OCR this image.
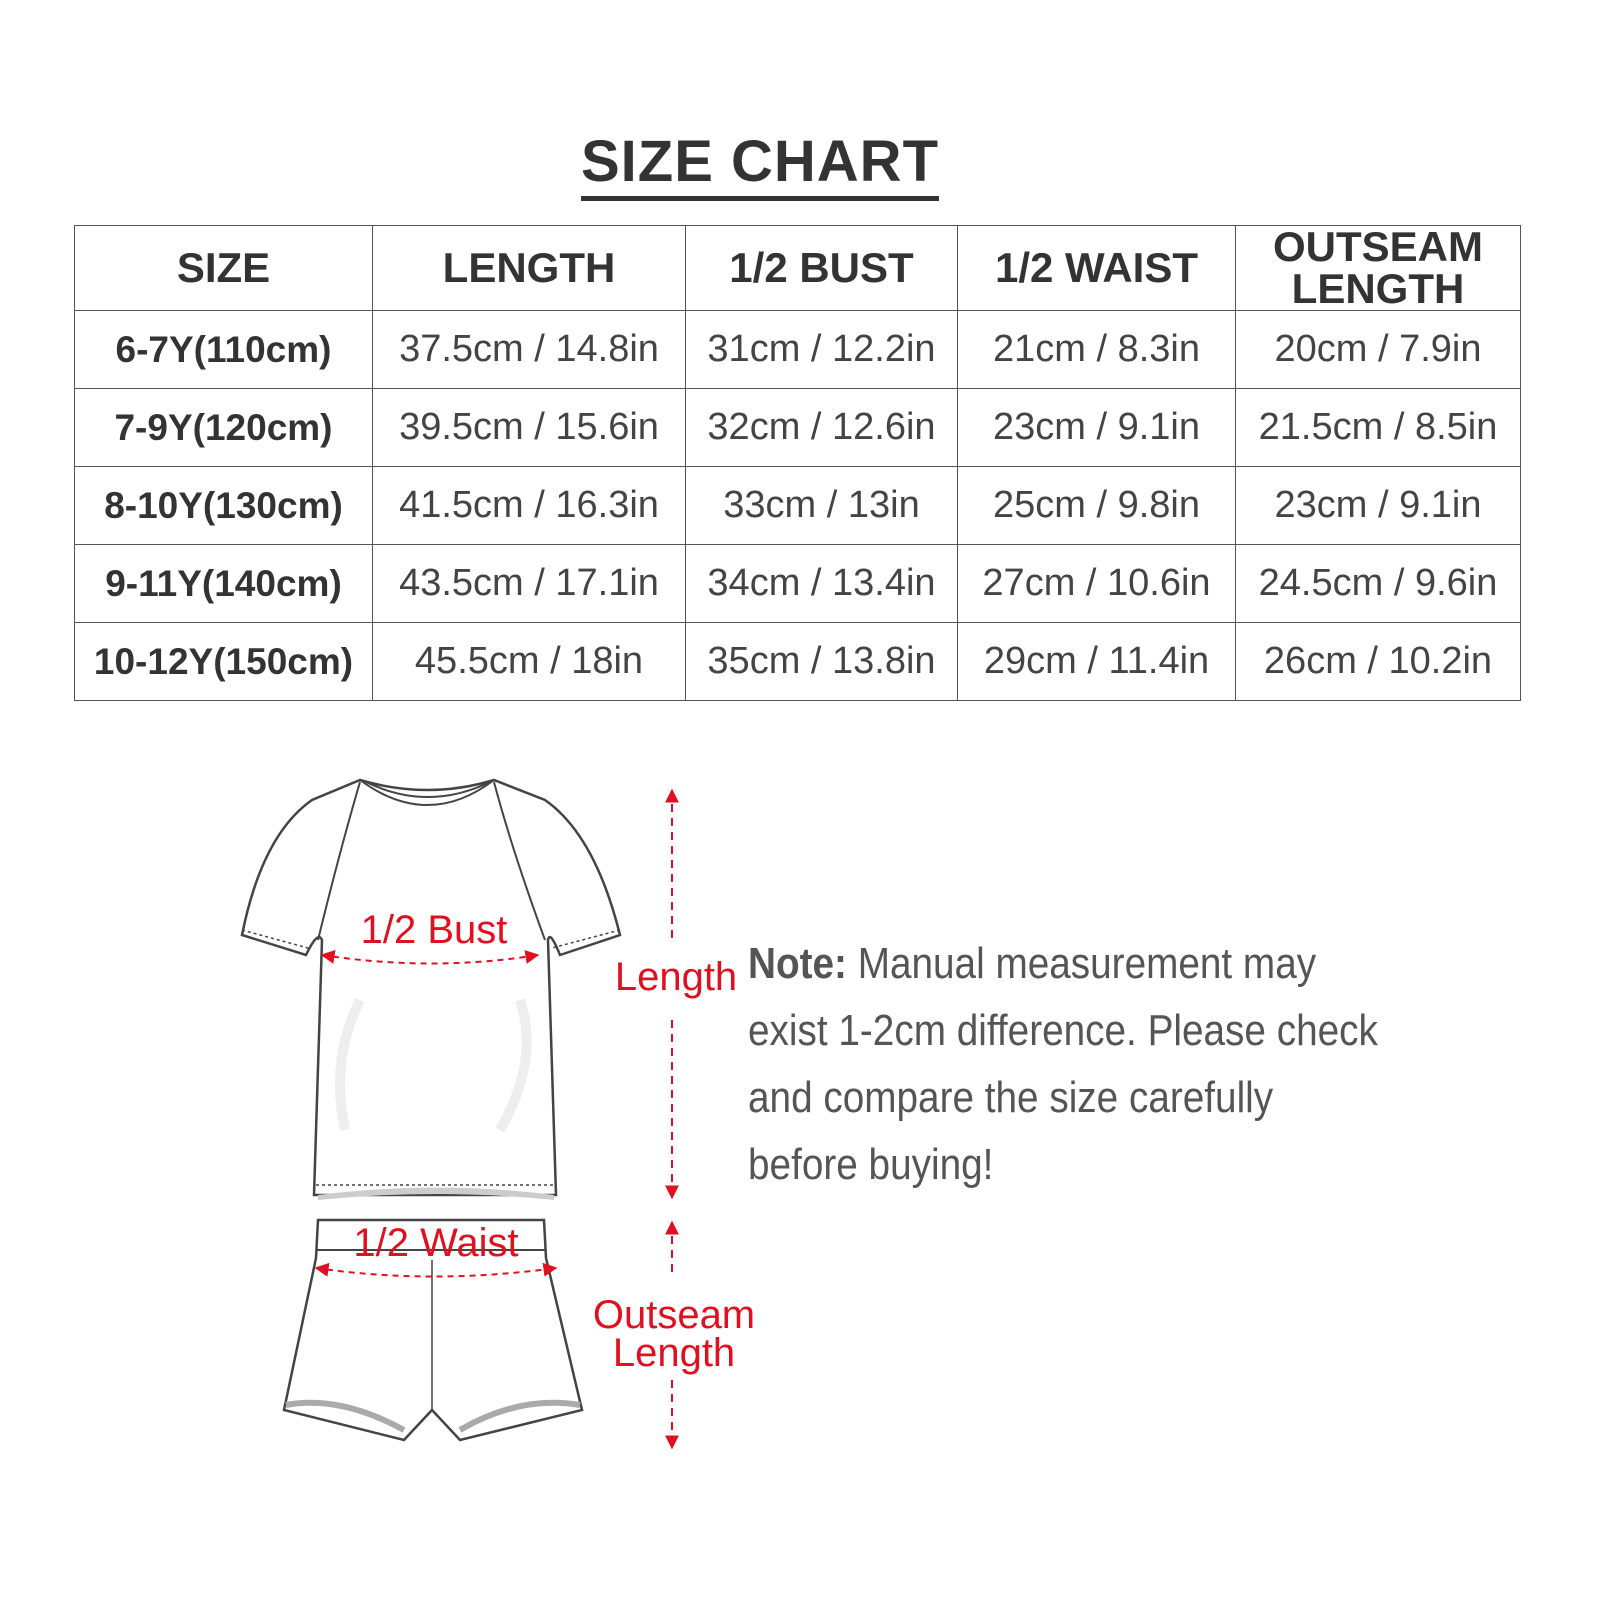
SIZE CHART
SIZE	LENGTH	1/2 BUST	1/2 WAIST	OUTSEAM LENGTH
6-7Y(110cm)	37.5cm / 14.8in	31cm / 12.2in	21cm / 8.3in	20cm / 7.9in
7-9Y(120cm)	39.5cm / 15.6in	32cm / 12.6in	23cm / 9.1in	21.5cm / 8.5in
8-10Y(130cm)	41.5cm / 16.3in	33cm / 13in	25cm / 9.8in	23cm / 9.1in
9-11Y(140cm)	43.5cm / 17.1in	34cm / 13.4in	27cm / 10.6in	24.5cm / 9.6in
10-12Y(150cm)	45.5cm / 18in	35cm / 13.8in	29cm / 11.4in	26cm / 10.2in
1/2 Bust
1/2 Waist
Length
Outseam
Length
Note: Manual measurement may exist 1-2cm difference. Please check and compare the size carefully before buying!
